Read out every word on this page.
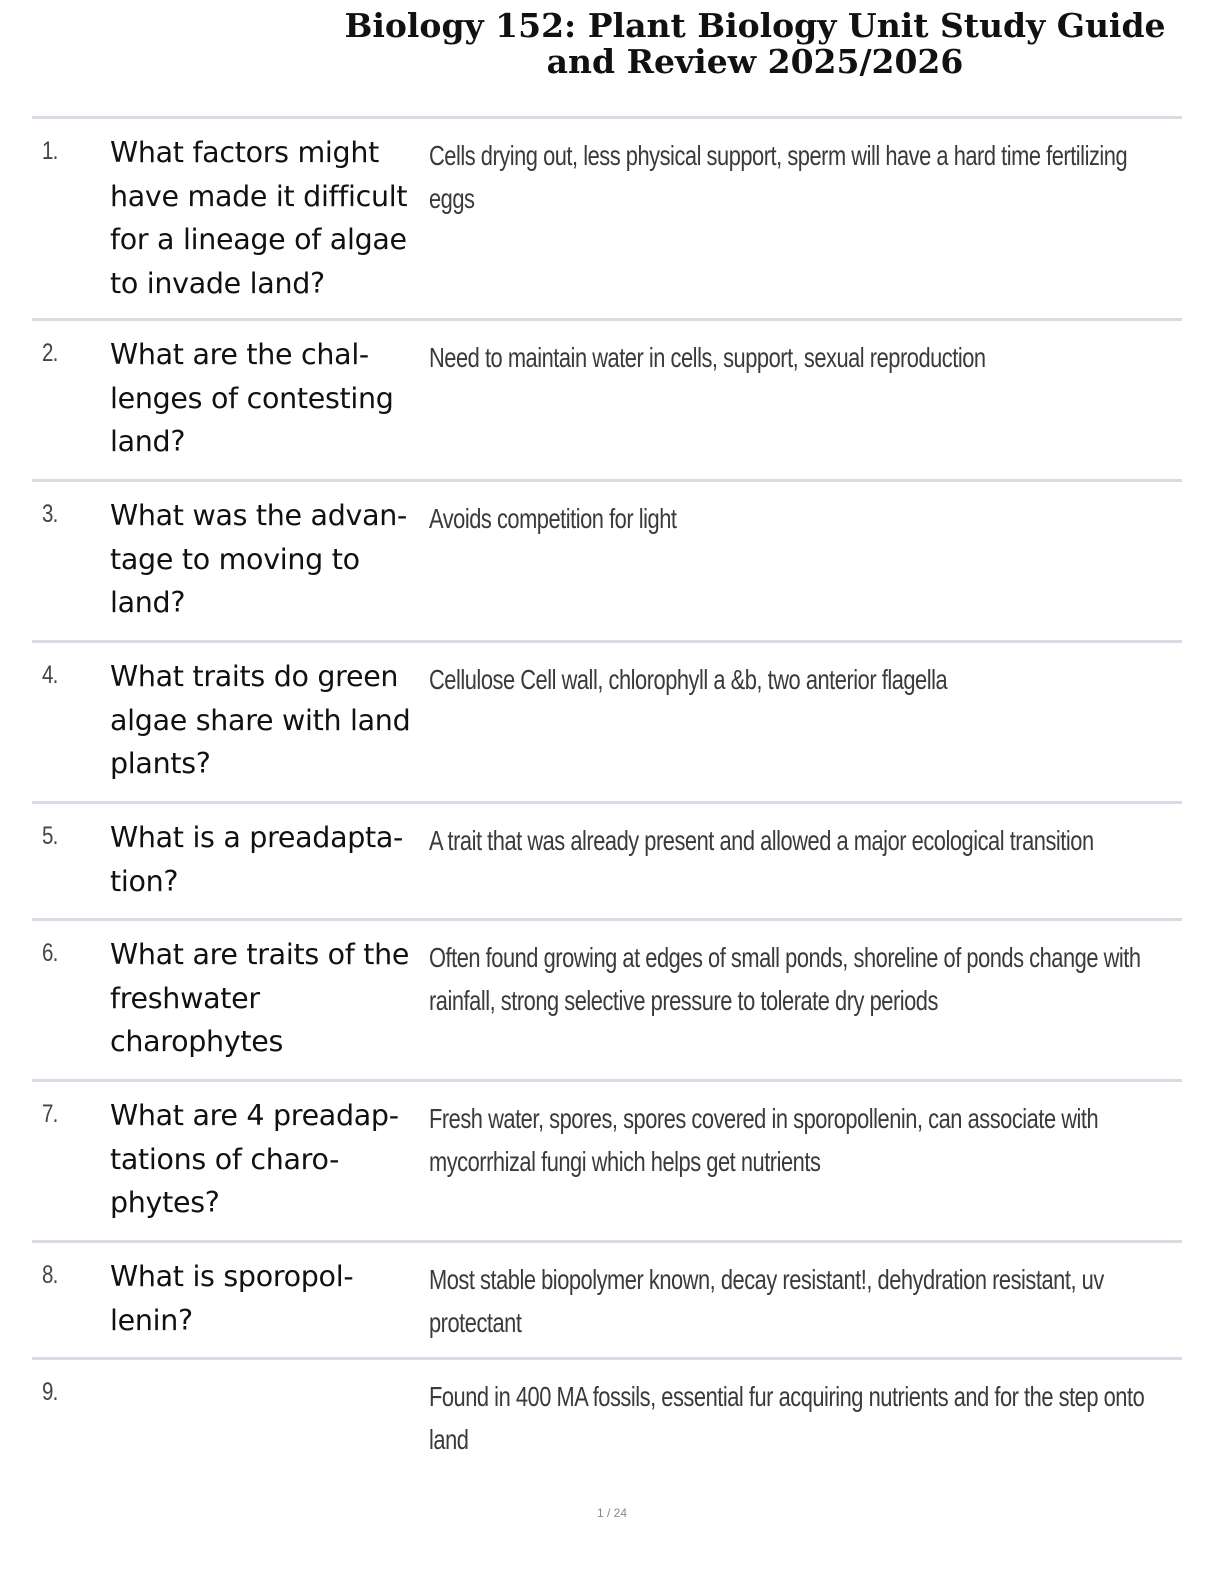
Biology 152: Plant Biology Unit Study Guide
and Review 2025/2026
1. What factors might have made it difficult for a lineage of algae to invade land?
Cells drying out, less physical support, sperm will have a hard time fertilizing eggs
2. What are the chal-lenges of contesting land?
Need to maintain water in cells, support, sexual reproduction
3. What was the advan-tage to moving to land?
Avoids competition for light
4. What traits do green algae share with land plants?
Cellulose Cell wall, chlorophyll a &b, two anterior flagella
5. What is a preadapta-tion?
A trait that was already present and allowed a major ecological transition
6. What are traits of the freshwater charophytes
Often found growing at edges of small ponds, shoreline of ponds change with rainfall, strong selective pressure to tolerate dry periods
7. What are 4 preadap-tations of charo-phytes?
Fresh water, spores, spores covered in sporopollenin, can associate with mycorrhizal fungi which helps get nutrients
8. What is sporopol-lenin?
Most stable biopolymer known, decay resistant!, dehydration resistant, uv protectant
9.	Found in 400 MA fossils, essential fur acquiring nutrients and for the step onto land
1 / 24
